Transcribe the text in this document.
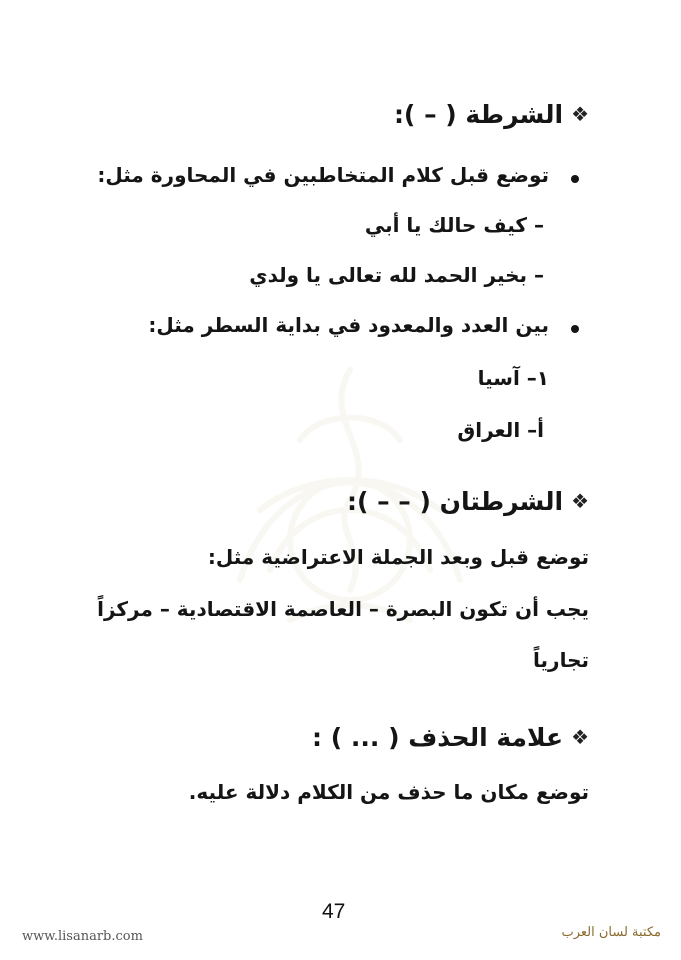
❖الشرطة ( – ):
توضع قبل كلام المتخاطبين في المحاورة مثل:
– كيف حالك يا أبي
– بخير الحمد لله تعالى يا ولدي
بين العدد والمعدود في بداية السطر مثل:
١– آسيا
أ– العراق
❖الشرطتان ( – – ):
توضع قبل وبعد الجملة الاعتراضية مثل:
يجب أن تكون البصرة – العاصمة الاقتصادية – مركزاً
تجارياً
❖علامة الحذف ( ... ) :
توضع مكان ما حذف من الكلام دلالة عليه.
47
www.lisanarb.com	مكتبة لسان العرب
